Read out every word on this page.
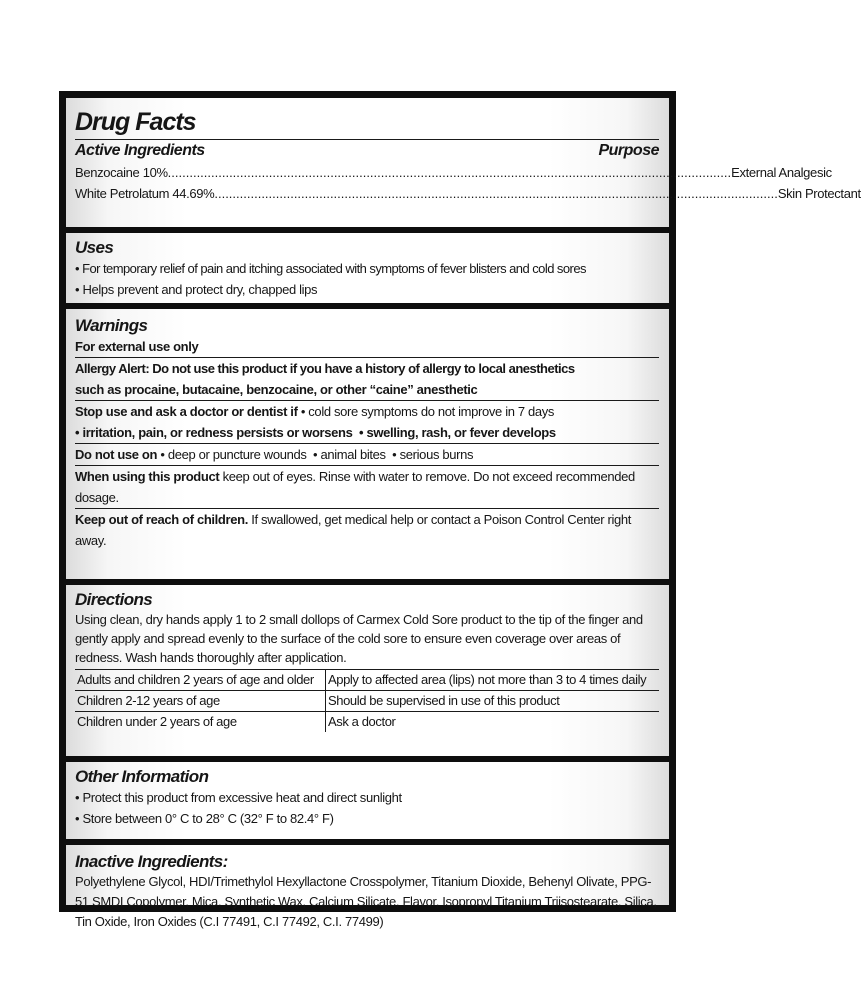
Drug Facts
Active Ingredients	Purpose
Benzocaine 10% ............................................................................................................................................................ External Analgesic
White Petrolatum 44.69% ............................................................................................................................................................ Skin Protectant
Uses
• For temporary relief of pain and itching associated with symptoms of fever blisters and cold sores
• Helps prevent and protect dry, chapped lips
Warnings
For external use only
Allergy Alert: Do not use this product if you have a history of allergy to local anesthetics
such as procaine, butacaine, benzocaine, or other “caine” anesthetic
Stop use and ask a doctor or dentist if • cold sore symptoms do not improve in 7 days
• irritation, pain, or redness persists or worsens  • swelling, rash, or fever develops
Do not use on • deep or puncture wounds  • animal bites  • serious burns
When using this product keep out of eyes. Rinse with water to remove. Do not exceed recommended dosage.
Keep out of reach of children. If swallowed, get medical help or contact a Poison Control Center right away.
Directions
Using clean, dry hands apply 1 to 2 small dollops of Carmex Cold Sore product to the tip of the finger and gently apply and spread evenly to the surface of the cold sore to ensure even coverage over areas of redness. Wash hands thoroughly after application.
Adults and children 2 years of age and older	Apply to affected area (lips) not more than 3 to 4 times daily
Children 2-12 years of age	Should be supervised in use of this product
Children under 2 years of age	Ask a doctor
Other Information
• Protect this product from excessive heat and direct sunlight
• Store between 0° C to 28° C (32° F to 82.4° F)
Inactive Ingredients:
Polyethylene Glycol, HDI/Trimethylol Hexyllactone Crosspolymer, Titanium Dioxide, Behenyl Olivate, PPG-51 SMDI Copolymer, Mica, Synthetic Wax, Calcium Silicate, Flavor, Isopropyl Titanium Triisostearate, Silica, Tin Oxide, Iron Oxides (C.I 77491, C.I 77492, C.I. 77499)
